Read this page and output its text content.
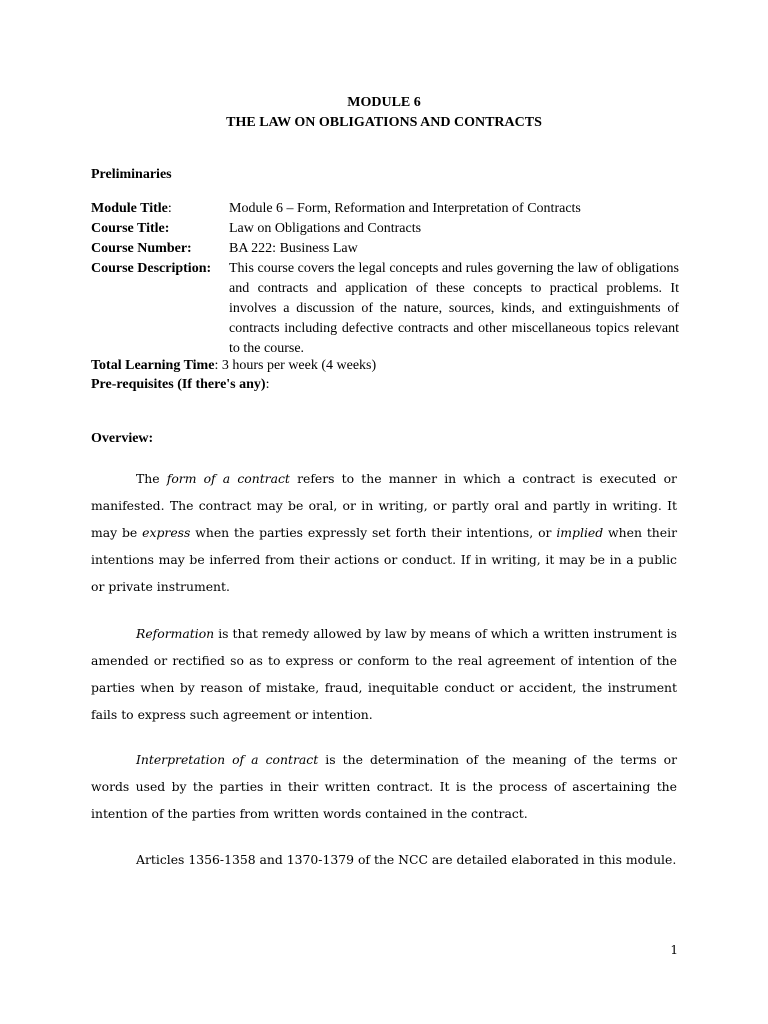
MODULE 6
THE LAW ON OBLIGATIONS AND CONTRACTS
Preliminaries
Module Title:	Module 6 – Form, Reformation and Interpretation of Contracts
Course Title:	Law on Obligations and Contracts
Course Number:	BA 222: Business Law
Course Description: This course covers the legal concepts and rules governing the law of obligations and contracts and application of these concepts to practical problems. It involves a discussion of the nature, sources, kinds, and extinguishments of contracts including defective contracts and other miscellaneous topics relevant to the course.
Total Learning Time: 3 hours per week (4 weeks)
Pre-requisites (If there's any):
Overview:

The form of a contract refers to the manner in which a contract is executed or manifested. The contract may be oral, or in writing, or partly oral and partly in writing. It may be express when the parties expressly set forth their intentions, or implied when their intentions may be inferred from their actions or conduct. If in writing, it may be in a public or private instrument.

Reformation is that remedy allowed by law by means of which a written instrument is amended or rectified so as to express or conform to the real agreement of intention of the parties when by reason of mistake, fraud, inequitable conduct or accident, the instrument fails to express such agreement or intention.

Interpretation of a contract is the determination of the meaning of the terms or words used by the parties in their written contract. It is the process of ascertaining the intention of the parties from written words contained in the contract.

Articles 1356-1358 and 1370-1379 of the NCC are detailed elaborated in this module.

1
